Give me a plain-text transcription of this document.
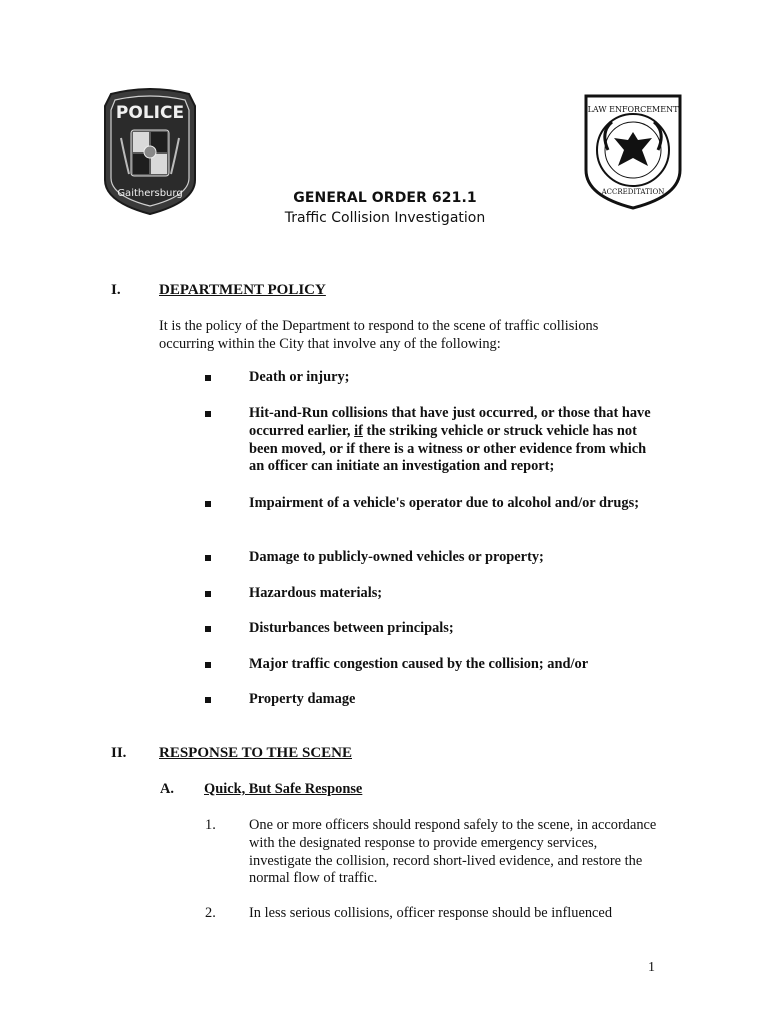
POLICE
Gaithersburg
LAW ENFORCEMENT
ACCREDITATION
GENERAL ORDER 621.1
Traffic Collision Investigation
I.	DEPARTMENT POLICY
It is the policy of the Department to respond to the scene of traffic collisions occurring within the City that involve any of the following:
Death or injury;
Hit-and-Run collisions that have just occurred, or those that have occurred earlier, if the striking vehicle or struck vehicle has not been moved, or if there is a witness or other evidence from which an officer can initiate an investigation and report;
Impairment of a vehicle's operator due to alcohol and/or drugs;
Damage to publicly-owned vehicles or property;
Hazardous materials;
Disturbances between principals;
Major traffic congestion caused by the collision; and/or
Property damage
II. RESPONSE TO THE SCENE
A. Quick, But Safe Response
1. One or more officers should respond safely to the scene, in accordance with the designated response to provide emergency services, investigate the collision, record short-lived evidence, and restore the normal flow of traffic.
2. In less serious collisions, officer response should be influenced
1
